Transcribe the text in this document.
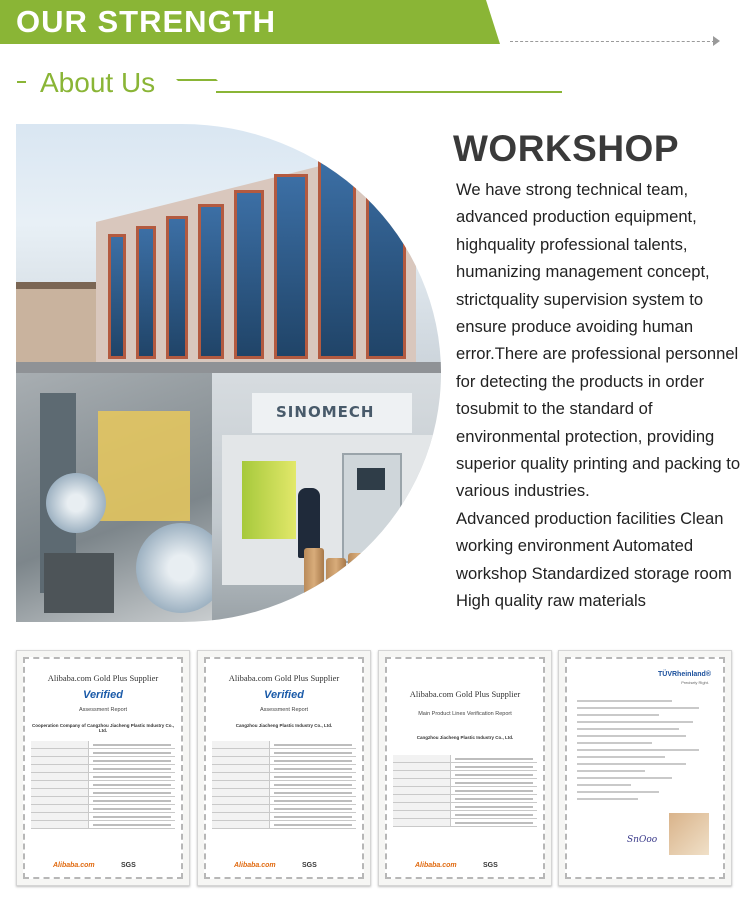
OUR STRENGTH
About Us
SINOMECH
WORKSHOP

We have strong technical team, advanced production equipment, highquality professional talents, humanizing management concept, strictquality supervision system to ensure produce avoiding human error.There are professional personnel for detecting the products in order tosubmit to the standard of environmental protection, providing superior quality printing and packing to various industries.

Advanced production facilities Clean working environment Automated workshop Standardized storage room High quality raw materials

Alibaba.com Gold Plus Supplier
Verified
Assessment Report
Cooperation Company of Cangzhou Jiacheng Plastic Industry Co., Ltd.
Alibaba.com	SGS
Alibaba.com Gold Plus Supplier
Verified
Assessment Report
Cangzhou Jiacheng Plastic Industry Co., Ltd.
Alibaba.com	SGS
Alibaba.com Gold Plus Supplier
Main Product Lines Verification Report
Cangzhou Jiacheng Plastic Industry Co., Ltd.
Alibaba.com	SGS
TÜVRheinland®
Precisely Right.
SnOoo
